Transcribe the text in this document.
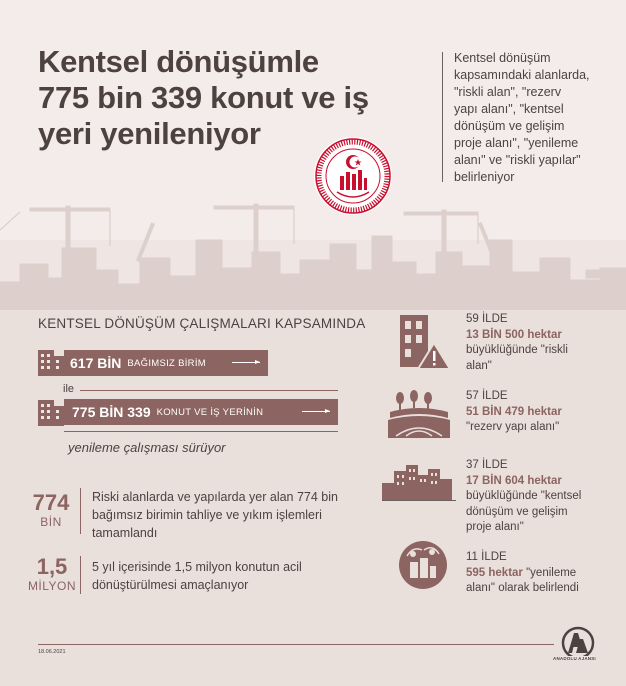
Kentsel dönüşümle
775 bin 339 konut ve iş
yeri yenileniyor
Kentsel dönüşüm
kapsamındaki alanlarda,
"riskli alan", "rezerv
yapı alanı", "kentsel
dönüşüm ve gelişim
proje alanı", "yenileme
alanı" ve "riskli yapılar"
belirleniyor
KENTSEL DÖNÜŞÜM ÇALIŞMALARI KAPSAMINDA
617 BİN BAĞIMSIZ BİRİM
ile
775 BİN 339 KONUT VE İŞ YERİNİN
yenileme çalışması sürüyor
774
BİN
Riski alanlarda ve yapılarda yer alan 774 bin
bağımsız birimin tahliye ve yıkım işlemleri
tamamlandı
1,5
MİLYON
5 yıl içerisinde 1,5 milyon konutun acil
dönüştürülmesi amaçlanıyor
59 İLDE
13 BİN 500 hektar
büyüklüğünde "riskli
alan"
57 İLDE
51 BİN 479 hektar
"rezerv yapı alanı"
37 İLDE
17 BİN 604 hektar
büyüklüğünde "kentsel
dönüşüm ve gelişim
proje alanı"
11 İLDE
595 hektar "yenileme
alanı" olarak belirlendi
18.06.2021
ANADOLU AJANSI
